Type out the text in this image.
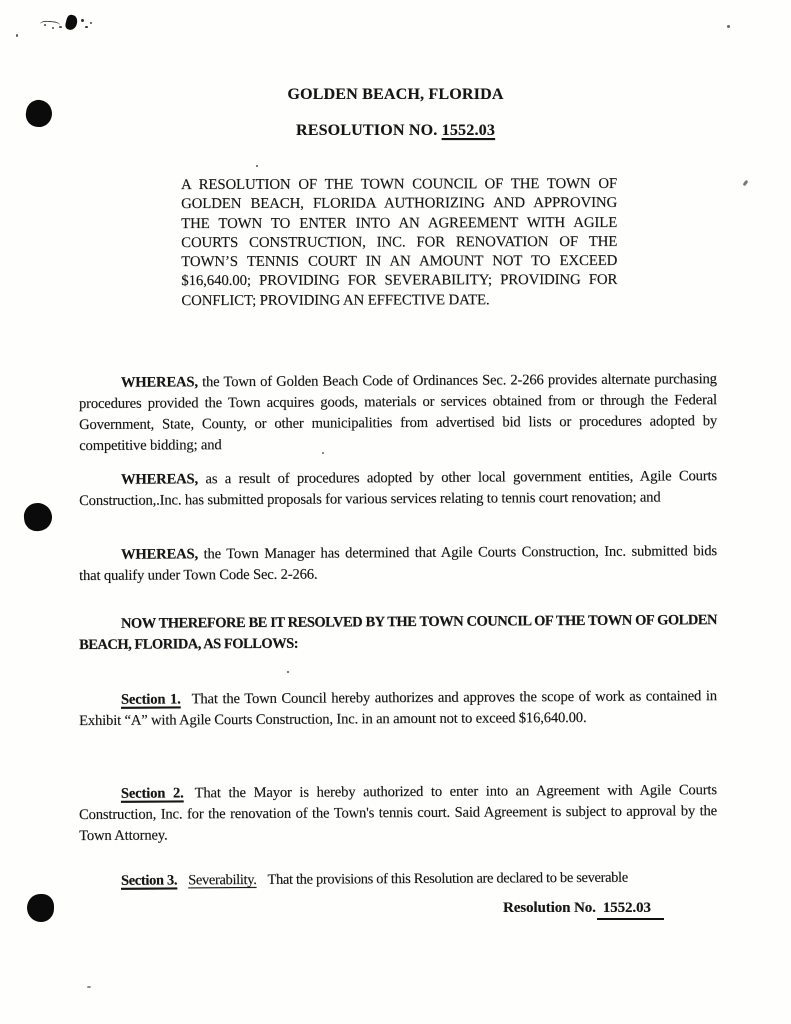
GOLDEN BEACH, FLORIDA
RESOLUTION NO. 1552.03
A RESOLUTION OF THE TOWN COUNCIL OF THE TOWN OF GOLDEN BEACH, FLORIDA AUTHORIZING AND APPROVING THE TOWN TO ENTER INTO AN AGREEMENT WITH AGILE COURTS CONSTRUCTION, INC. FOR RENOVATION OF THE TOWN’S TENNIS COURT IN AN AMOUNT NOT TO EXCEED $16,640.00; PROVIDING FOR SEVERABILITY; PROVIDING FOR CONFLICT; PROVIDING AN EFFECTIVE DATE.

WHEREAS, the Town of Golden Beach Code of Ordinances Sec. 2-266 provides alternate purchasing procedures provided the Town acquires goods, materials or services obtained from or through the Federal Government, State, County, or other municipalities from advertised bid lists or procedures adopted by competitive bidding; and

WHEREAS, as a result of procedures adopted by other local government entities, Agile Courts Construction,.Inc. has submitted proposals for various services relating to tennis court renovation; and

WHEREAS, the Town Manager has determined that Agile Courts Construction, Inc. submitted bids that qualify under Town Code Sec. 2-266.

NOW THEREFORE BE IT RESOLVED BY THE TOWN COUNCIL OF THE TOWN OF GOLDEN BEACH, FLORIDA, AS FOLLOWS:

Section 1. That the Town Council hereby authorizes and approves the scope of work as contained in Exhibit “A” with Agile Courts Construction, Inc. in an amount not to exceed $16,640.00.

Section 2. That the Mayor is hereby authorized to enter into an Agreement with Agile Courts Construction, Inc. for the renovation of the Town's tennis court. Said Agreement is subject to approval by the Town Attorney.

Section 3. Severability. That the provisions of this Resolution are declared to be severable

Resolution No. 1552.03
